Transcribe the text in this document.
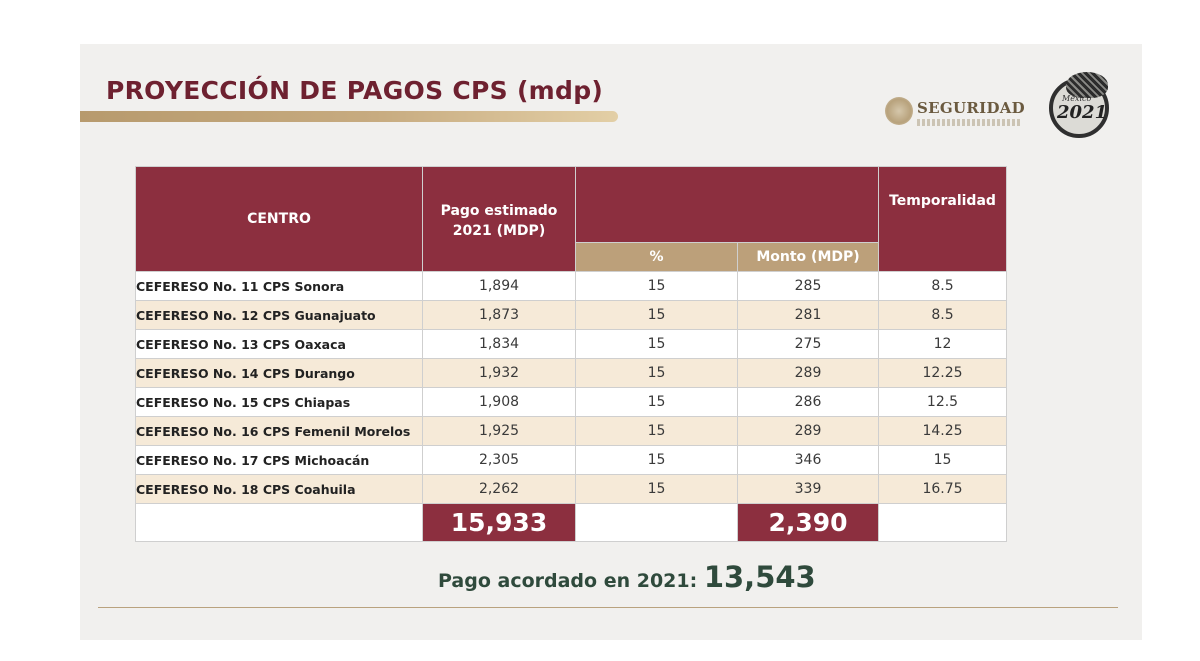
PROYECCIÓN DE PAGOS CPS (mdp)
SEGURIDAD
México
2021
CENTRO	Pago estimado 2021 (MDP)			Temporalidad
		%	Monto (MDP)	
CEFERESO No. 11 CPS Sonora	1,894	15	285	8.5
CEFERESO No. 12 CPS Guanajuato	1,873	15	281	8.5
CEFERESO No. 13 CPS Oaxaca	1,834	15	275	12
CEFERESO No. 14 CPS Durango	1,932	15	289	12.25
CEFERESO No. 15 CPS Chiapas	1,908	15	286	12.5
CEFERESO No. 16 CPS Femenil Morelos	1,925	15	289	14.25
CEFERESO No. 17 CPS Michoacán	2,305	15	346	15
CEFERESO No. 18 CPS Coahuila	2,262	15	339	16.75
	15,933		2,390	
Pago acordado en 2021: 13,543
